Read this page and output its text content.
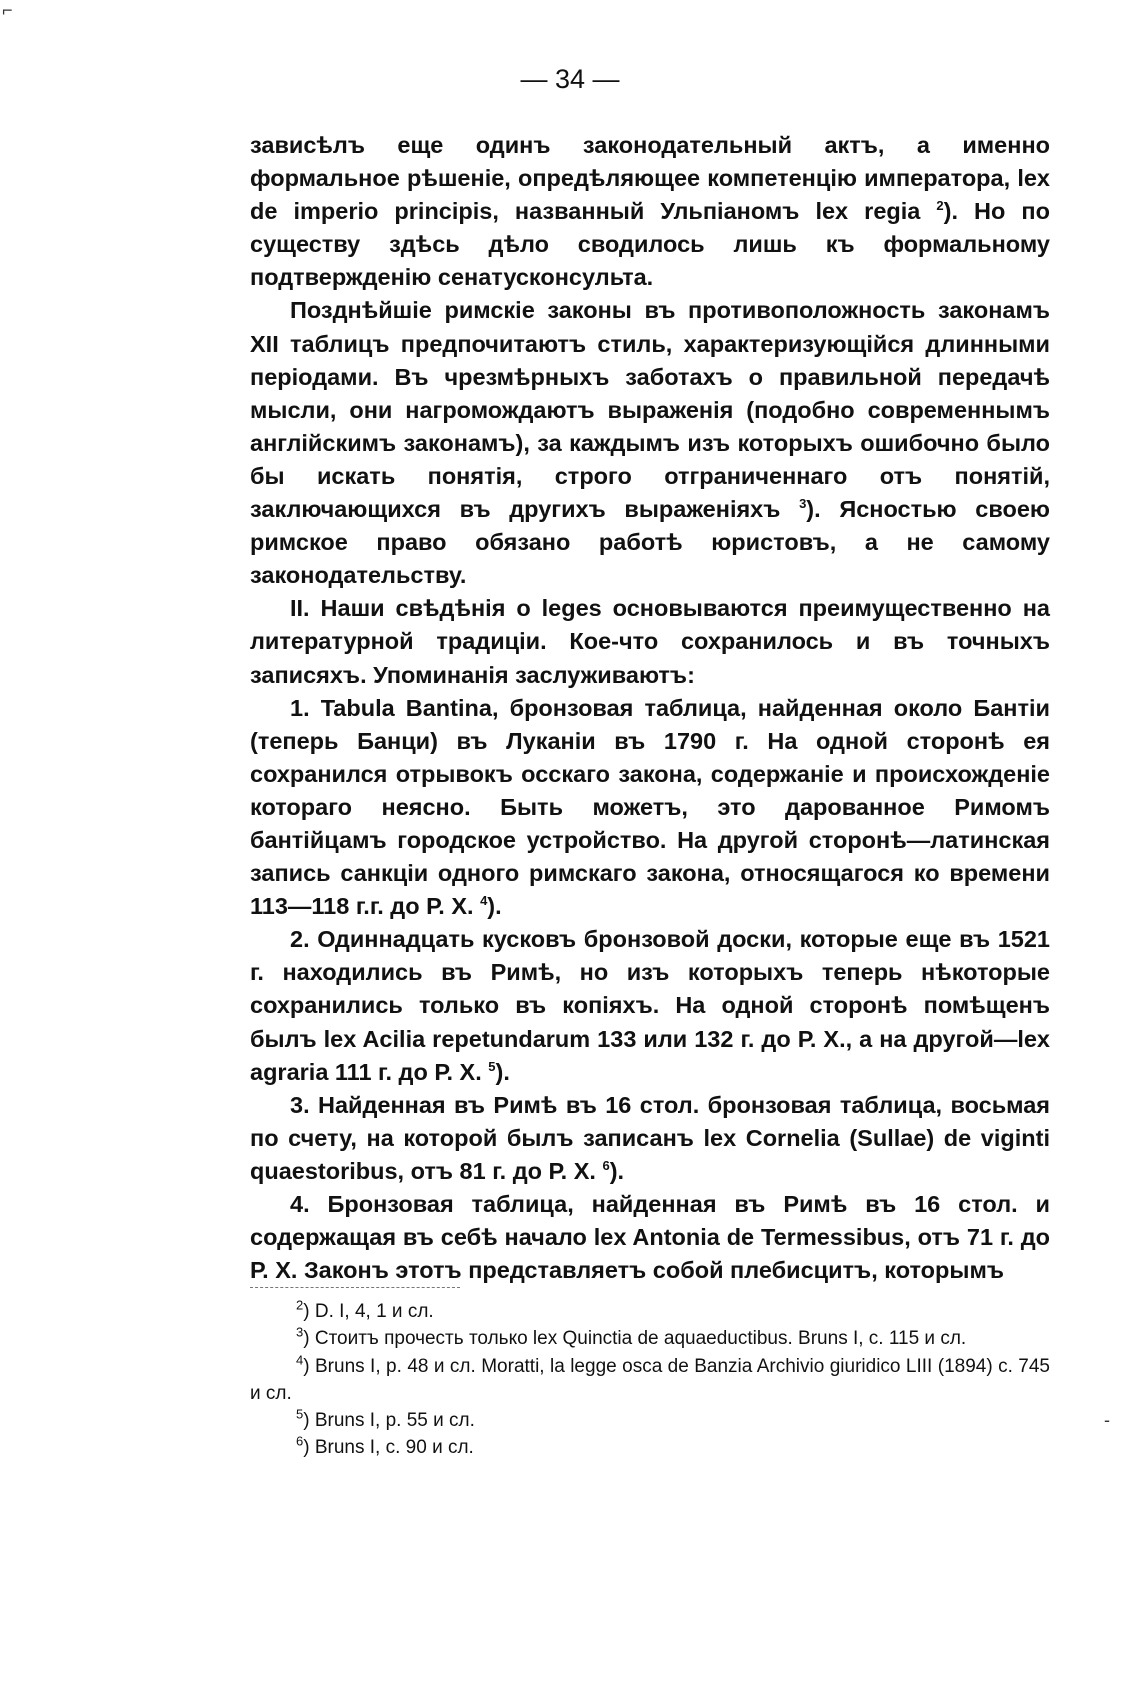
— 34 —

зависѣлъ еще одинъ законодательный актъ, а именно формальное рѣшеніе, опредѣляющее компетенцію императора, lex de imperio principis, названный Ульпіаномъ lex regia $^2$). Но по существу здѣсь дѣло сводилось лишь къ формальному подтвержденію сенатусконсульта.

Позднѣйшіе римскіе законы въ противоположность законамъ XII таблицъ предпочитаютъ стиль, характеризующійся длинными періодами. Въ чрезмѣрныхъ заботахъ о правильной передачѣ мысли, они нагромождаютъ выраженія (подобно современнымъ англійскимъ законамъ), за каждымъ изъ которыхъ ошибочно было бы искать понятія, строго отграниченнаго отъ понятій, заключающихся въ другихъ выраженіяхъ $^3$). Ясностью своею римское право обязано работѣ юристовъ, а не самому законодательству.

II. Наши свѣдѣнія о leges основываются преимущественно на литературной традиціи. Кое-что сохранилось и въ точныхъ записяхъ. Упоминанія заслуживаютъ:

1. Tabula Bantina, бронзовая таблица, найденная около Бантіи (теперь Банци) въ Луканіи въ 1790 г. На одной сторонѣ ея сохранился отрывокъ осскаго закона, содержаніе и происхожденіе котораго неясно. Быть можетъ, это дарованное Римомъ бантійцамъ городское устройство. На другой сторонѣ—латинская запись санкціи одного римскаго закона, относящагося ко времени 113—118 г.г. до Р. Х. $^4$).

2. Одиннадцать кусковъ бронзовой доски, которые еще въ 1521 г. находились въ Римѣ, но изъ которыхъ теперь нѣкоторые сохранились только въ копіяхъ. На одной сторонѣ помѣщенъ былъ lex Acilia repetundarum 133 или 132 г. до Р. Х., а на другой—lex agraria 111 г. до Р. Х. $^5$).

3. Найденная въ Римѣ въ 16 стол. бронзовая таблица, восьмая по счету, на которой былъ записанъ lex Cornelia (Sullae) de viginti quaestoribus, отъ 81 г. до Р. Х. $^6$).

4. Бронзовая таблица, найденная въ Римѣ въ 16 стол. и содержащая въ себѣ начало lex Antonia de Termessibus, отъ 71 г. до Р. Х. Законъ этотъ представляетъ собой плебисцитъ, которымъ

$^2$) D. I, 4, 1 и сл.

$^3$) Стоитъ прочесть только lex Quinctia de aquaeductibus. Bruns I, с. 115 и сл.

$^4$) Bruns I, p. 48 и сл. Moratti, la legge osca de Banzia Archivio giuridico LIII (1894) с. 745 и сл.

$^5$) Bruns I, p. 55 и сл.

$^6$) Bruns I, с. 90 и сл.

⌐
-
